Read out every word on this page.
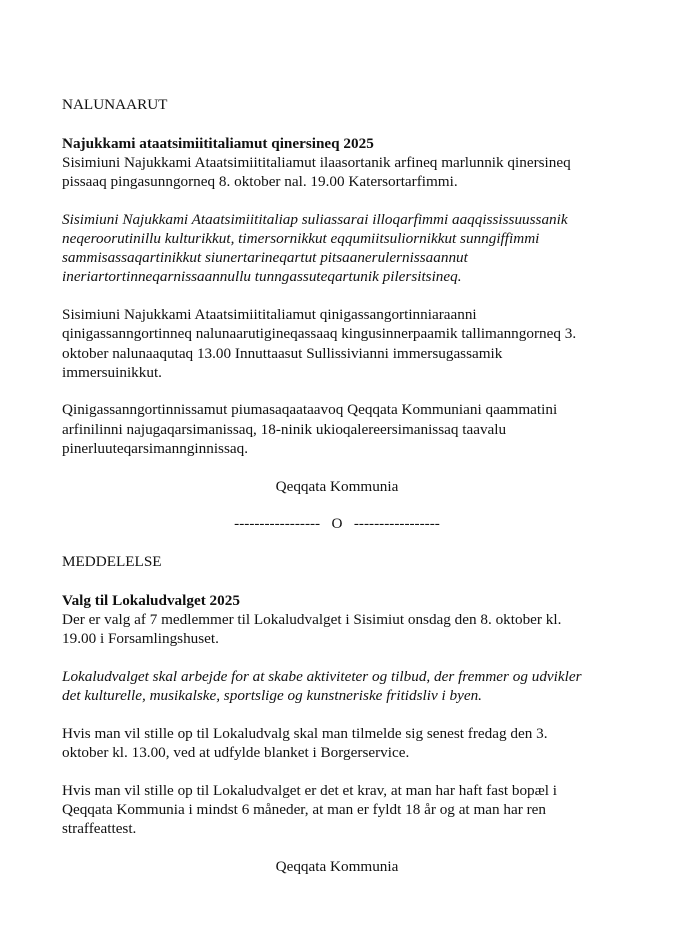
NALUNAARUT

Najukkami ataatsimiititaliamut qinersineq 2025

Sisimiuni Najukkami Ataatsimiititaliamut ilaasortanik arfineq marlunnik qinersineq
pissaaq pingasunngorneq 8. oktober nal. 19.00 Katersortarfimmi.
Sisimiuni Najukkami Ataatsimiititaliap suliassarai illoqarfimmi aaqqississuussanik
neqeroorutinillu kulturikkut, timersornikkut eqqumiitsuliornikkut sunngiffimmi
sammisassaqartinikkut siunertarineqartut pitsaanerulernissaannut
ineriartortinneqarnissaannullu tunngassuteqartunik pilersitsineq.
Sisimiuni Najukkami Ataatsimiititaliamut qinigassangortinniaraanni
qinigassanngortinneq nalunaarutigineqassaaq kingusinnerpaamik tallimanngorneq 3.
oktober nalunaaqutaq 13.00 Innuttaasut Sullissivianni immersugassamik
immersuinikkut.
Qinigassanngortinnissamut piumasaqaataavoq Qeqqata Kommuniani qaammatini
arfinilinni najugaqarsimanissaq, 18-ninik ukioqalereersimanissaq taavalu
pinerluuteqarsimannginnissaq.

Qeqqata Kommunia

-----------------   O   -----------------

MEDDELELSE

Valg til Lokaludvalget 2025

Der er valg af 7 medlemmer til Lokaludvalget i Sisimiut onsdag den 8. oktober kl.
19.00 i Forsamlingshuset.
Lokaludvalget skal arbejde for at skabe aktiviteter og tilbud, der fremmer og udvikler
det kulturelle, musikalske, sportslige og kunstneriske fritidsliv i byen.
Hvis man vil stille op til Lokaludvalg skal man tilmelde sig senest fredag den 3.
oktober kl. 13.00, ved at udfylde blanket i Borgerservice.
Hvis man vil stille op til Lokaludvalget er det et krav, at man har haft fast bopæl i
Qeqqata Kommunia i mindst 6 måneder, at man er fyldt 18 år og at man har ren
straffeattest.

Qeqqata Kommunia
